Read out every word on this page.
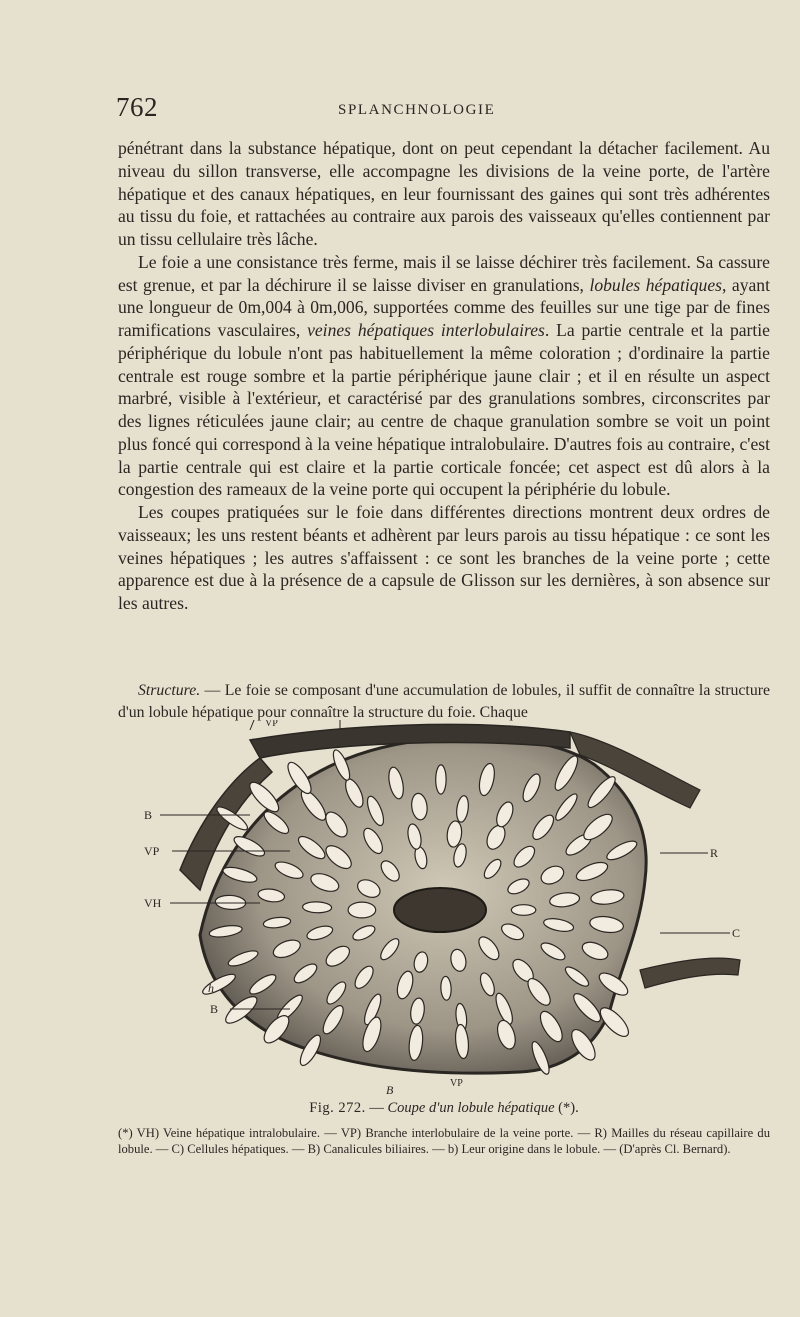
762	SPLANCHNOLOGIE

pénétrant dans la substance hépatique, dont on peut cependant la détacher facilement. Au niveau du sillon transverse, elle accompagne les divisions de la veine porte, de l'artère hépatique et des canaux hépatiques, en leur fournissant des gaines qui sont très adhérentes au tissu du foie, et rattachées au contraire aux parois des vaisseaux qu'elles contiennent par un tissu cellulaire très lâche.

Le foie a une consistance très ferme, mais il se laisse déchirer très facilement. Sa cassure est grenue, et par la déchirure il se laisse diviser en granulations, lobules hépatiques, ayant une longueur de 0m,004 à 0m,006, supportées comme des feuilles sur une tige par de fines ramifications vasculaires, veines hépatiques interlobulaires. La partie centrale et la partie périphérique du lobule n'ont pas habituellement la même coloration ; d'ordinaire la partie centrale est rouge sombre et la partie périphérique jaune clair ; et il en résulte un aspect marbré, visible à l'extérieur, et caractérisé par des granulations sombres, circonscrites par des lignes réticulées jaune clair; au centre de chaque granulation sombre se voit un point plus foncé qui correspond à la veine hépatique intralobulaire. D'autres fois au contraire, c'est la partie centrale qui est claire et la partie corticale foncée; cet aspect est dû alors à la congestion des rameaux de la veine porte qui occupent la périphérie du lobule.

Les coupes pratiquées sur le foie dans différentes directions montrent deux ordres de vaisseaux; les uns restent béants et adhèrent par leurs parois au tissu hépatique : ce sont les veines hépatiques ; les autres s'affaissent : ce sont les branches de la veine porte ; cette apparence est due à la présence de a capsule de Glisson sur les dernières, à son absence sur les autres.

Structure. — Le foie se composant d'une accumulation de lobules, il suffit de connaître la structure d'un lobule hépatique pour connaître la structure du foie. Chaque

VP
B
VP
VH
h
B
R
C
VP
B
Fig. 272. — Coupe d'un lobule hépatique (*).

(*) VH) Veine hépatique intralobulaire. — VP) Branche interlobulaire de la veine porte. — R) Mailles du réseau capillaire du lobule. — C) Cellules hépatiques. — B) Canalicules biliaires. — b) Leur origine dans le lobule. — (D'après Cl. Bernard).
